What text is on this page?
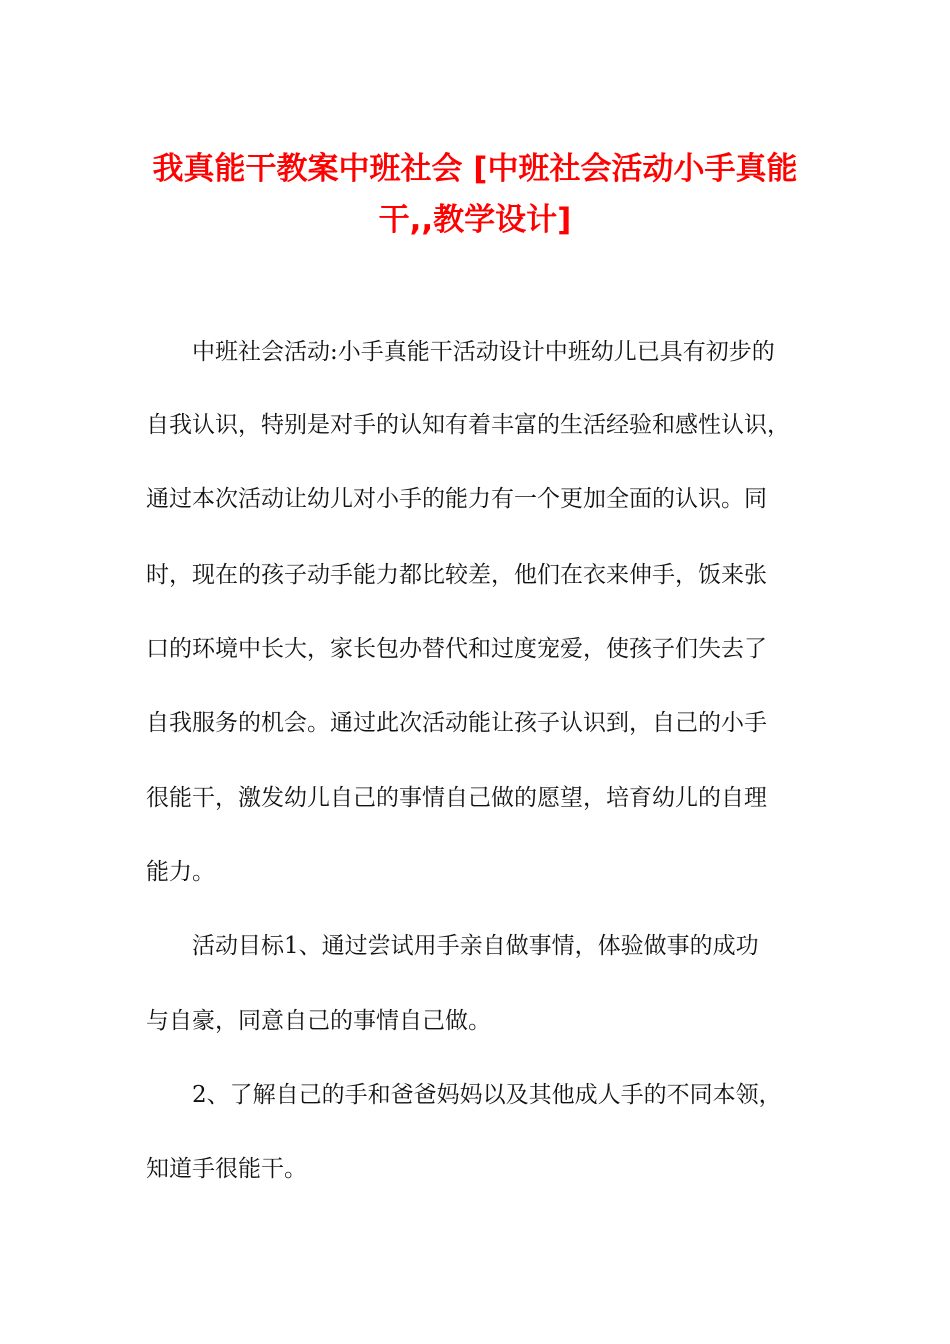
我真能干教案中班社会 [中班社会活动小手真能干,,教学设计]

中班社会活动:小手真能干活动设计中班幼儿已具有初步的

自我认识，特别是对手的认知有着丰富的生活经验和感性认识，

通过本次活动让幼儿对小手的能力有一个更加全面的认识。同

时，现在的孩子动手能力都比较差，他们在衣来伸手，饭来张

口的环境中长大，家长包办替代和过度宠爱，使孩子们失去了

自我服务的机会。通过此次活动能让孩子认识到，自己的小手

很能干，激发幼儿自己的事情自己做的愿望，培育幼儿的自理

能力。

活动目标1、通过尝试用手亲自做事情，体验做事的成功

与自豪，同意自己的事情自己做。

2、了解自己的手和爸爸妈妈以及其他成人手的不同本领，

知道手很能干。
